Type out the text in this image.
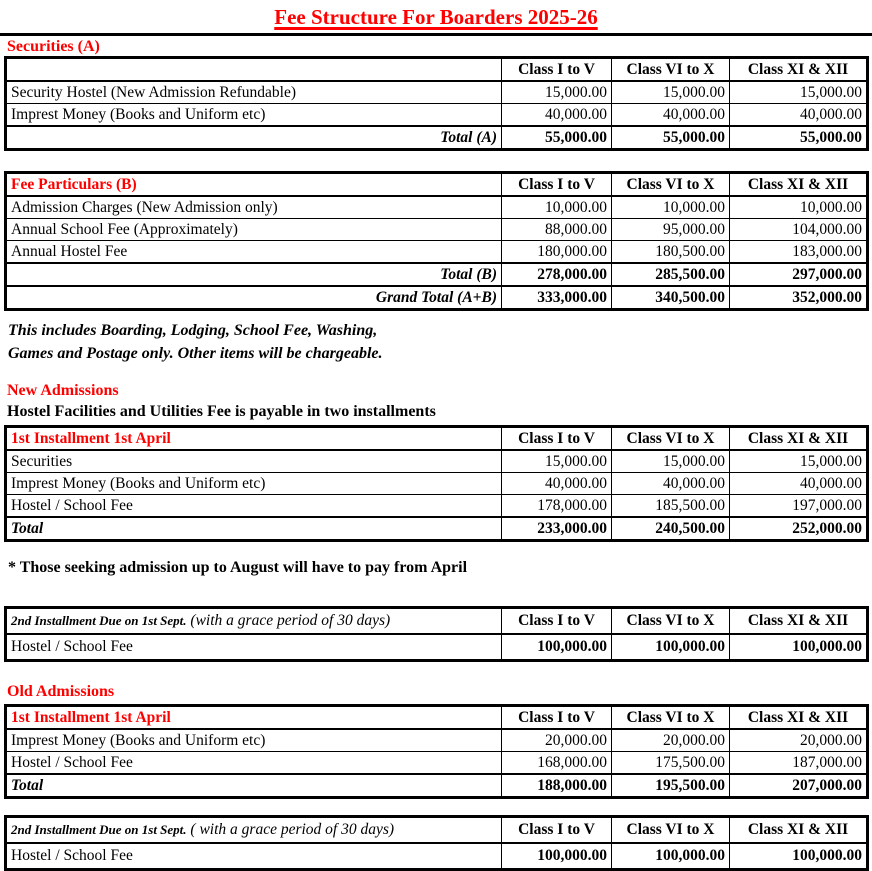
Fee Structure For Boarders 2025-26
Securities (A)
	Class I to V	Class VI to X	Class XI & XII
Security Hostel (New Admission Refundable)	15,000.00	15,000.00	15,000.00
Imprest Money (Books and Uniform etc)	40,000.00	40,000.00	40,000.00
Total (A)	55,000.00	55,000.00	55,000.00
Fee Particulars (B)	Class I to V	Class VI to X	Class XI & XII
Admission Charges (New Admission only)	10,000.00	10,000.00	10,000.00
Annual School Fee (Approximately)	88,000.00	95,000.00	104,000.00
Annual Hostel Fee	180,000.00	180,500.00	183,000.00
Total (B)	278,000.00	285,500.00	297,000.00
Grand Total (A+B)	333,000.00	340,500.00	352,000.00
This includes Boarding, Lodging, School Fee, Washing,
Games and Postage only. Other items will be chargeable.
New Admissions
Hostel Facilities and Utilities Fee is payable in two installments
1st Installment 1st April	Class I to V	Class VI to X	Class XI & XII
Securities	15,000.00	15,000.00	15,000.00
Imprest Money (Books and Uniform etc)	40,000.00	40,000.00	40,000.00
Hostel / School Fee	178,000.00	185,500.00	197,000.00
Total	233,000.00	240,500.00	252,000.00
* Those seeking admission up to August will have to pay from April
2nd Installment Due on 1st Sept. (with a grace period of 30 days)	Class I to V	Class VI to X	Class XI & XII
Hostel / School Fee	100,000.00	100,000.00	100,000.00
Old Admissions
1st Installment 1st April	Class I to V	Class VI to X	Class XI & XII
Imprest Money (Books and Uniform etc)	20,000.00	20,000.00	20,000.00
Hostel / School Fee	168,000.00	175,500.00	187,000.00
Total	188,000.00	195,500.00	207,000.00
2nd Installment Due on 1st Sept. ( with a grace period of 30 days)	Class I to V	Class VI to X	Class XI & XII
Hostel / School Fee	100,000.00	100,000.00	100,000.00
